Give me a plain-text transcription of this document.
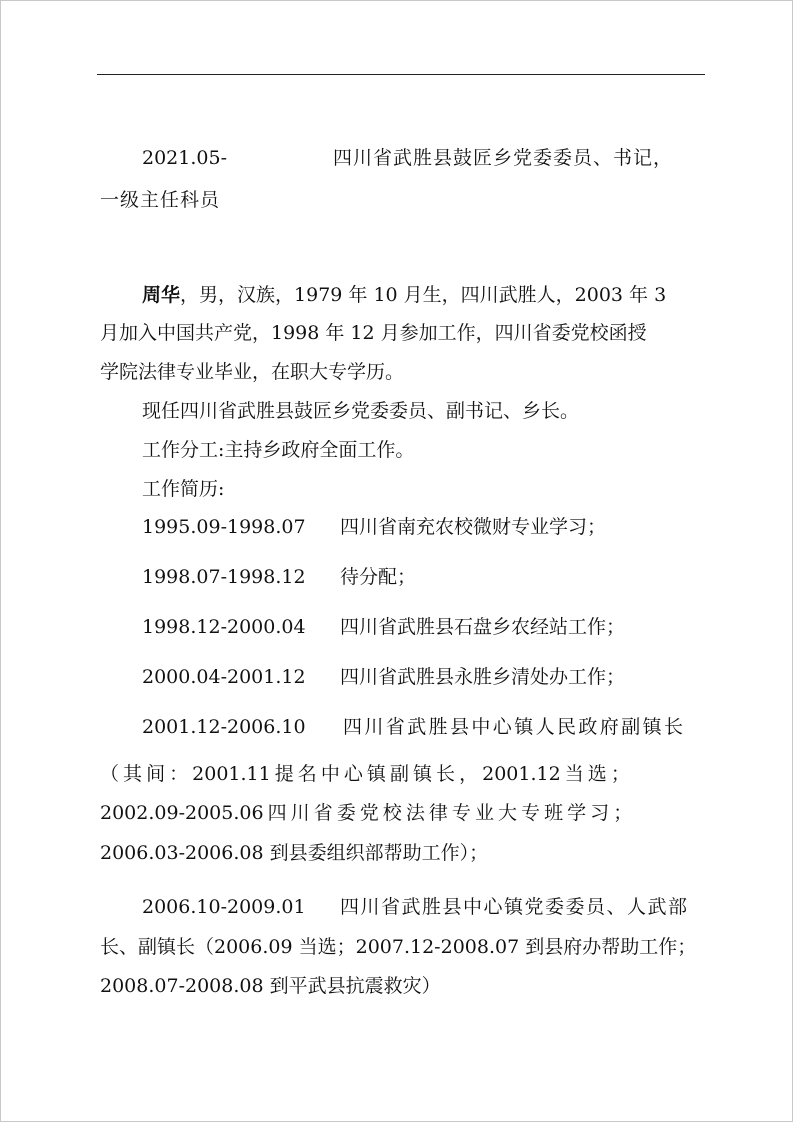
2021.05-	四川省武胜县鼓匠乡党委委员、书记，
一级主任科员
周华，男，汉族，1979 年 10 月生，四川武胜人，2003 年 3
月加入中国共产党，1998 年 12 月参加工作，四川省委党校函授
学院法律专业毕业，在职大专学历。
现任四川省武胜县鼓匠乡党委委员、副书记、乡长。
工作分工:主持乡政府全面工作。
工作简历:
1995.09-1998.07 四川省南充农校微财专业学习；
1998.07-1998.12 待分配；
1998.12-2000.04 四川省武胜县石盘乡农经站工作；
2000.04-2001.12 四川省武胜县永胜乡清处办工作；
2001.12-2006.10 四川省武胜县中心镇人民政府副镇长
（ 其 间 ： 2001.11 提 名 中 心 镇 副 镇 长 ， 2001.12 当 选 ；
2002.09-2005.06 四 川 省 委 党 校 法 律 专 业 大 专 班 学 习 ；
2006.03-2006.08 到县委组织部帮助工作）；
2006.10-2009.01 四川省武胜县中心镇党委委员、人武部
长、副镇长（2006.09 当选；2007.12-2008.07 到县府办帮助工作；
2008.07-2008.08 到平武县抗震救灾）
